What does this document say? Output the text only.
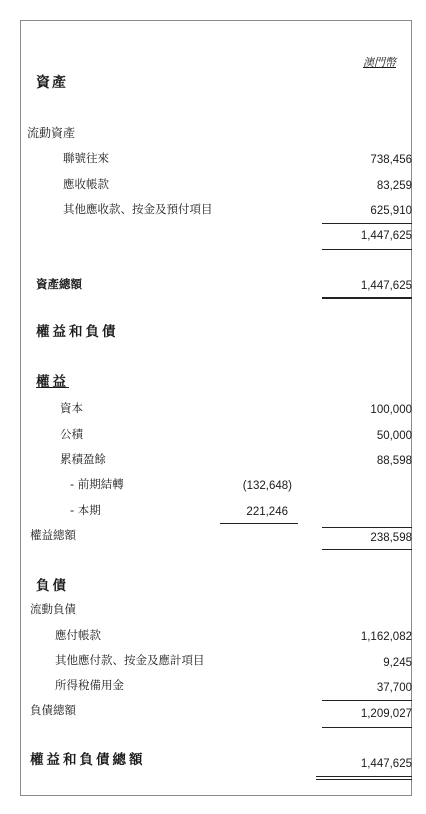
澳門幣
資產
流動資產
聯號往來	738,456
應收帳款	83,259
其他應收款、按金及預付項目	625,910
1,447,625
資產總額	1,447,625
權益和負債
權益
資本	100,000
公積	50,000
累積盈餘	88,598
- 前期結轉	(132,648)
- 本期	221,246
權益總額	238,598
負債
流動負債
應付帳款	1,162,082
其他應付款、按金及應計項目	9,245
所得稅備用金	37,700
負債總額	1,209,027
權益和負債總額	1,447,625
